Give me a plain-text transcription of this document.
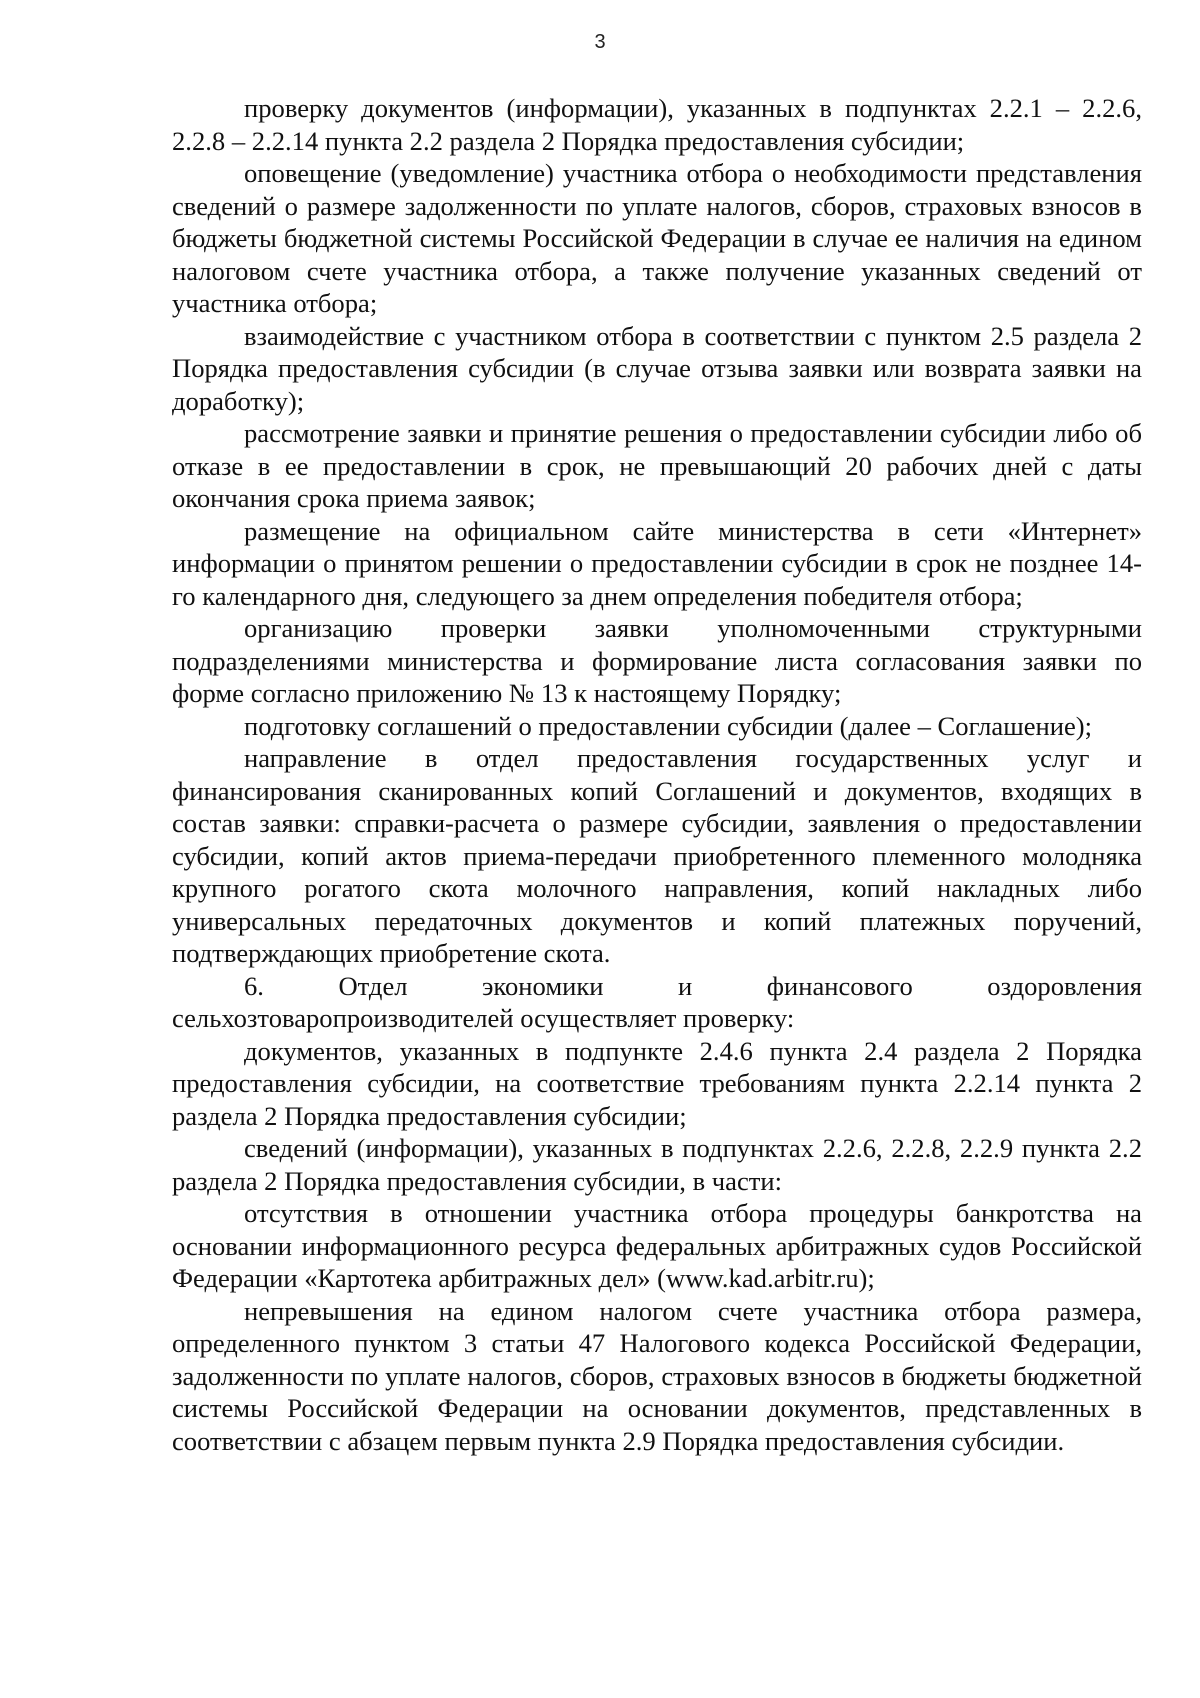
3

проверку документов (информации), указанных в подпунктах 2.2.1 – 2.2.6, 2.2.8 – 2.2.14 пункта 2.2 раздела 2 Порядка предоставления субсидии;

оповещение (уведомление) участника отбора о необходимости представления сведений о размере задолженности по уплате налогов, сборов, страховых взносов в бюджеты бюджетной системы Российской Федерации в случае ее наличия на едином налоговом счете участника отбора, а также получение указанных сведений от участника отбора;

взаимодействие с участником отбора в соответствии с пунктом 2.5 раздела 2 Порядка предоставления субсидии (в случае отзыва заявки или возврата заявки на доработку);

рассмотрение заявки и принятие решения о предоставлении субсидии либо об отказе в ее предоставлении в срок, не превышающий 20 рабочих дней с даты окончания срока приема заявок;

размещение на официальном сайте министерства в сети «Интернет» информации о принятом решении о предоставлении субсидии в срок не позднее 14-го календарного дня, следующего за днем определения победителя отбора;

организацию проверки заявки уполномоченными структурными подразделениями министерства и формирование листа согласования заявки по форме согласно приложению № 13 к настоящему Порядку;

подготовку соглашений о предоставлении субсидии (далее – Соглашение);

направление в отдел предоставления государственных услуг и финансирования сканированных копий Соглашений и документов, входящих в состав заявки: справки-расчета о размере субсидии, заявления о предоставлении субсидии, копий актов приема-передачи приобретенного племенного молодняка крупного рогатого скота молочного направления, копий накладных либо универсальных передаточных документов и копий платежных поручений, подтверждающих приобретение скота.

6. Отдел экономики и финансового оздоровления сельхозтоваропроизводителей осуществляет проверку:

документов, указанных в подпункте 2.4.6 пункта 2.4 раздела 2 Порядка предоставления субсидии, на соответствие требованиям пункта 2.2.14 пункта 2 раздела 2 Порядка предоставления субсидии;

сведений (информации), указанных в подпунктах 2.2.6, 2.2.8, 2.2.9 пункта 2.2 раздела 2 Порядка предоставления субсидии, в части:

отсутствия в отношении участника отбора процедуры банкротства на основании информационного ресурса федеральных арбитражных судов Российской Федерации «Картотека арбитражных дел» (www.kad.arbitr.ru);

непревышения на едином налогом счете участника отбора размера, определенного пунктом 3 статьи 47 Налогового кодекса Российской Федерации, задолженности по уплате налогов, сборов, страховых взносов в бюджеты бюджетной системы Российской Федерации на основании документов, представленных в соответствии с абзацем первым пункта 2.9 Порядка предоставления субсидии.
